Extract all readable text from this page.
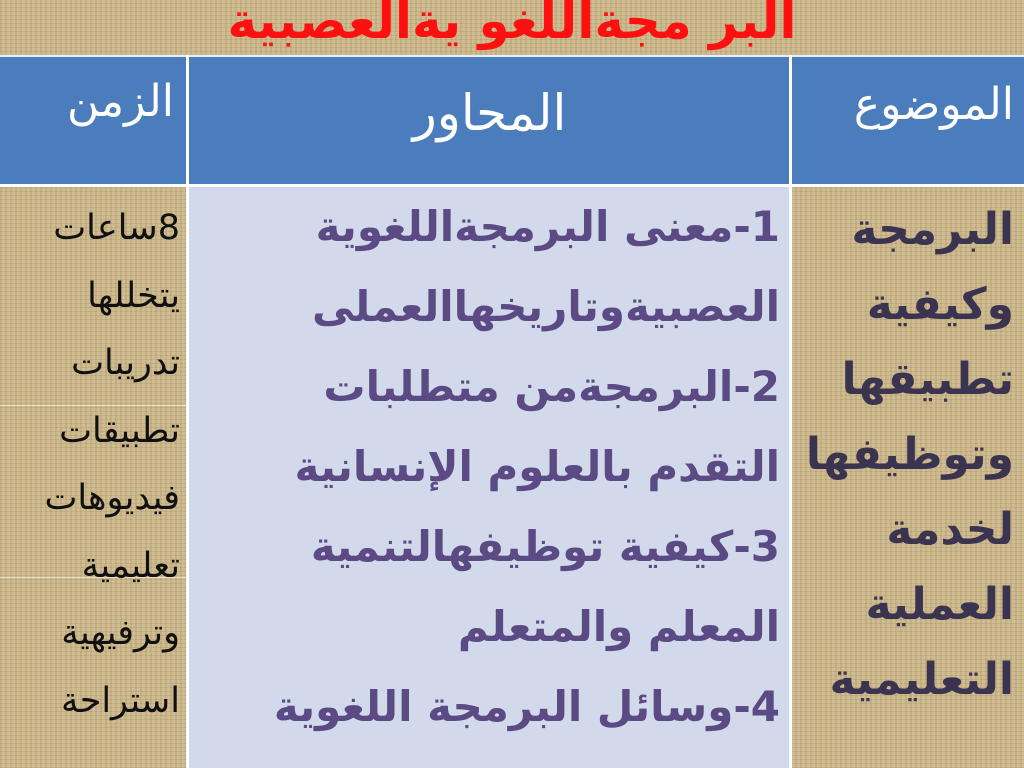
البر مجةاللغو يةالعصبية
الموضوع
المحاور
الزمن
البرمجة
وكيفية
تطبيقها
وتوظيفها
لخدمة
العملية
التعليمية
1-معنى البرمجةاللغوية
العصبيةوتاريخهاالعملى
2-البرمجةمن متطلبات
التقدم بالعلوم الإنسانية
3-كيفية توظيفهالتنمية
المعلم والمتعلم
4-وسائل البرمجة اللغوية
8ساعات
يتخللها
تدريبات
تطبيقات
فيديوهات
تعليمية
وترفيهية
استراحة
